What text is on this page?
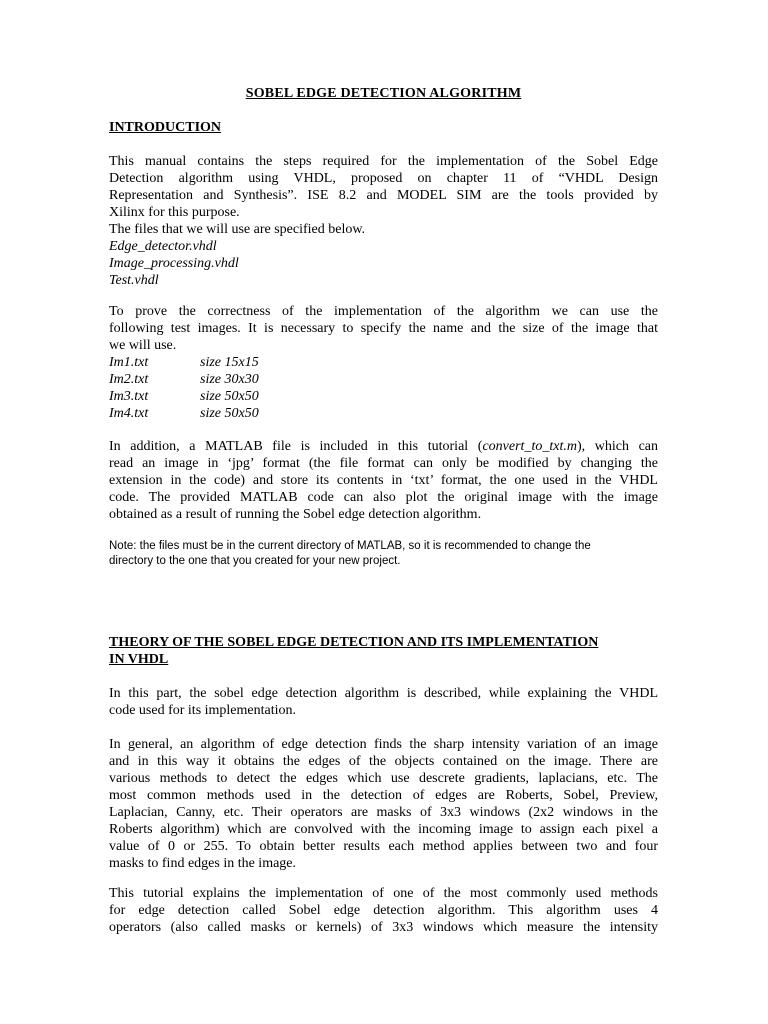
SOBEL EDGE DETECTION ALGORITHM
INTRODUCTION
This manual contains the steps required for the implementation of the Sobel Edge
Detection algorithm using VHDL, proposed on chapter 11 of “VHDL Design
Representation and Synthesis”. ISE 8.2 and MODEL SIM are the tools provided by
Xilinx for this purpose.
The files that we will use are specified below.
Edge_detector.vhdl
Image_processing.vhdl
Test.vhdl
To prove the correctness of the implementation of the algorithm we can use the
following test images. It is necessary to specify the name and the size of the image that
we will use.
Im1.txt	size 15x15
Im2.txt	size 30x30
Im3.txt	size 50x50
Im4.txt	size 50x50
In addition, a MATLAB file is included in this tutorial (convert_to_txt.m), which can
read an image in ‘jpg’ format (the file format can only be modified by changing the
extension in the code) and store its contents in ‘txt’ format, the one used in the VHDL
code. The provided MATLAB code can also plot the original image with the image
obtained as a result of running the Sobel edge detection algorithm.
Note: the files must be in the current directory of MATLAB, so it is recommended to change the
directory to the one that you created for your new project.
THEORY OF THE SOBEL EDGE DETECTION AND ITS IMPLEMENTATION
IN VHDL
In this part, the sobel edge detection algorithm is described, while explaining the VHDL
code used for its implementation.
In general, an algorithm of edge detection finds the sharp intensity variation of an image
and in this way it obtains the edges of the objects contained on the image. There are
various methods to detect the edges which use descrete gradients, laplacians, etc. The
most common methods used in the detection of edges are Roberts, Sobel, Preview,
Laplacian, Canny, etc. Their operators are masks of 3x3 windows (2x2 windows in the
Roberts algorithm) which are convolved with the incoming image to assign each pixel a
value of 0 or 255. To obtain better results each method applies between two and four
masks to find edges in the image.
This tutorial explains the implementation of one of the most commonly used methods
for edge detection called Sobel edge detection algorithm. This algorithm uses 4
operators (also called masks or kernels) of 3x3 windows which measure the intensity
